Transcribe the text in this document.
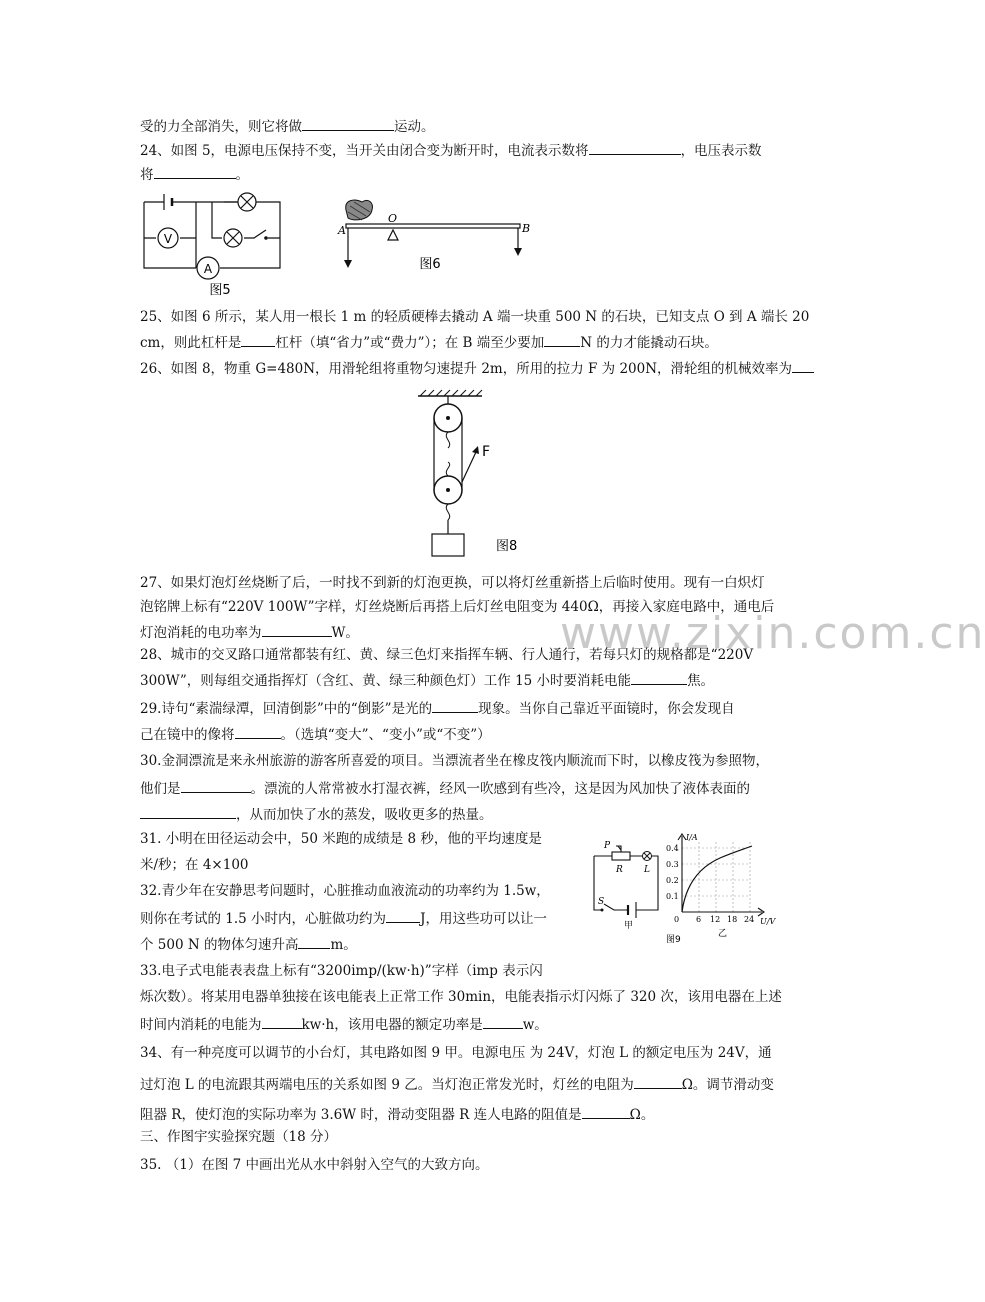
受的力全部消失，则它将做	运动。
24、如图 5，电源电压保持不变，当开关由闭合变为断开时，电流表示数将	，电压表示数
将	。
V
A
图5
A
O
B
图6
25、如图 6 所示，某人用一根长 1 m 的轻质硬棒去撬动 A 端一块重 500 N 的石块，已知支点 O 到 A 端长 20
cm，则此杠杆是	杠杆（填“省力”或“费力”）；在 B 端至少要加	N 的力才能撬动石块。
26、如图 8，物重 G=480N，用滑轮组将重物匀速提升 2m，所用的拉力 F 为 200N，滑轮组的机械效率为
F
图8
27、如果灯泡灯丝烧断了后，一时找不到新的灯泡更换，可以将灯丝重新搭上后临时使用。现有一白炽灯
泡铭牌上标有“220V 100W”字样，灯丝烧断后再搭上后灯丝电阻变为 440Ω，再接入家庭电路中，通电后
灯泡消耗的电功率为	W。	www.zixin.com.cn
28、城市的交叉路口通常都装有红、黄、绿三色灯来指挥车辆、行人通行，若每只灯的规格都是“220V
300W”，则每组交通指挥灯（含红、黄、绿三种颜色灯）工作 15 小时要消耗电能	焦。
29.诗句“素湍绿潭，回清倒影”中的“倒影”是光的	现象。当你自己靠近平面镜时，你会发现自
己在镜中的像将	。（选填“变大”、“变小”或“不变”）
30.金洞漂流是来永州旅游的游客所喜爱的项目。当漂流者坐在橡皮筏内顺流而下时，以橡皮筏为参照物，
他们是	。漂流的人常常被水打湿衣裤，经风一吹感到有些冷，这是因为风加快了液体表面的
，从而加快了水的蒸发，吸收更多的热量。
31. 小明在田径运动会中，50 米跑的成绩是 8 秒，他的平均速度是
米/秒；在 4×100
32.青少年在安静思考问题时，心脏推动血液流动的功率约为 1.5w，
则你在考试的 1.5 小时内，心脏做功约为	J，用这些功可以让一
个 500 N 的物体匀速升高 m。
P
R L
S
甲
I/A
U/V
0.4
0.3
0.2
0.1
0 6 12 18 24
乙
图9
33.电子式电能表表盘上标有“3200imp/(kw·h)”字样（imp 表示闪
烁次数）。将某用电器单独接在该电能表上正常工作 30min，电能表指示灯闪烁了 320 次，该用电器在上述
时间内消耗的电能为	kw·h，该用电器的额定功率是	w。
34、有一种亮度可以调节的小台灯，其电路如图 9 甲。电源电压 为 24V，灯泡 L 的额定电压为 24V，通
过灯泡 L 的电流跟其两端电压的关系如图 9 乙。当灯泡正常发光时，灯丝的电阻为	Ω。调节滑动变
阻器 R，使灯泡的实际功率为 3.6W 时，滑动变阻器 R 连人电路的阻值是	Ω。
三、作图宇实验探究题（18 分）
35. （1）在图 7 中画出光从水中斜射入空气的大致方向。
